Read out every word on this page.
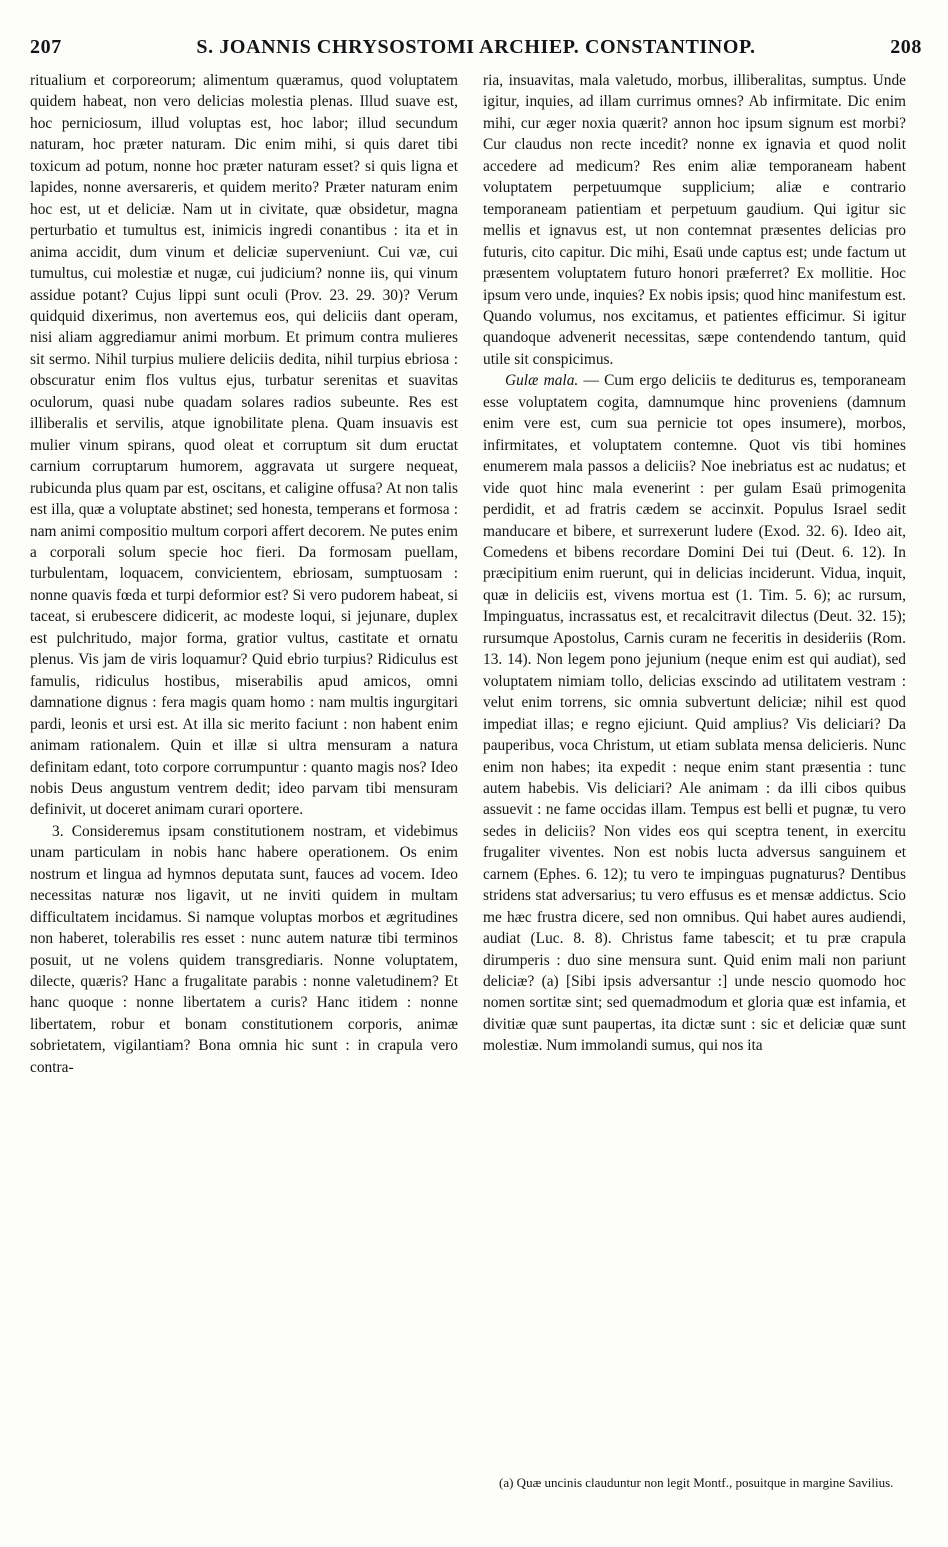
207	S. JOANNIS CHRYSOSTOMI ARCHIEP. CONSTANTINOP.	208

ritualium et corporeorum; alimentum quæramus, quod voluptatem quidem habeat, non vero delicias molestia plenas. Illud suave est, hoc perniciosum, illud voluptas est, hoc labor; illud secundum naturam, hoc præter naturam. Dic enim mihi, si quis daret tibi toxicum ad potum, nonne hoc præter naturam esset? si quis ligna et lapides, nonne aversareris, et quidem merito? Præter naturam enim hoc est, ut et deliciæ. Nam ut in civitate, quæ obsidetur, magna perturbatio et tumultus est, inimicis ingredi conantibus : ita et in anima accidit, dum vinum et deliciæ superveniunt. Cui væ, cui tumultus, cui molestiæ et nugæ, cui judicium? nonne iis, qui vinum assidue potant? Cujus lippi sunt oculi (Prov. 23. 29. 30)? Verum quidquid dixerimus, non avertemus eos, qui deliciis dant operam, nisi aliam aggrediamur animi morbum. Et primum contra mulieres sit sermo. Nihil turpius muliere deliciis dedita, nihil turpius ebriosa : obscuratur enim flos vultus ejus, turbatur serenitas et suavitas oculorum, quasi nube quadam solares radios subeunte. Res est illiberalis et servilis, atque ignobilitate plena. Quam insuavis est mulier vinum spirans, quod oleat et corruptum sit dum eructat carnium corruptarum humorem, aggravata ut surgere nequeat, rubicunda plus quam par est, oscitans, et caligine offusa? At non talis est illa, quæ a voluptate abstinet; sed honesta, temperans et formosa : nam animi compositio multum corpori affert decorem. Ne putes enim a corporali solum specie hoc fieri. Da formosam puellam, turbulentam, loquacem, convicientem, ebriosam, sumptuosam : nonne quavis fœda et turpi deformior est? Si vero pudorem habeat, si taceat, si erubescere didicerit, ac modeste loqui, si jejunare, duplex est pulchritudo, major forma, gratior vultus, castitate et ornatu plenus. Vis jam de viris loquamur? Quid ebrio turpius? Ridiculus est famulis, ridiculus hostibus, miserabilis apud amicos, omni damnatione dignus : fera magis quam homo : nam multis ingurgitari pardi, leonis et ursi est. At illa sic merito faciunt : non habent enim animam rationalem. Quin et illæ si ultra mensuram a natura definitam edant, toto corpore corrumpuntur : quanto magis nos? Ideo nobis Deus angustum ventrem dedit; ideo parvam tibi mensuram definivit, ut doceret animam curari oportere.

3. Consideremus ipsam constitutionem nostram, et videbimus unam particulam in nobis hanc habere operationem. Os enim nostrum et lingua ad hymnos deputata sunt, fauces ad vocem. Ideo necessitas naturæ nos ligavit, ut ne inviti quidem in multam difficultatem incidamus. Si namque voluptas morbos et ægritudines non haberet, tolerabilis res esset : nunc autem naturæ tibi terminos posuit, ut ne volens quidem transgrediaris. Nonne voluptatem, dilecte, quæris? Hanc a frugalitate parabis : nonne valetudinem? Et hanc quoque : nonne libertatem a curis? Hanc itidem : nonne libertatem, robur et bonam constitutionem corporis, animæ sobrietatem, vigilantiam? Bona omnia hic sunt : in crapula vero contra-

ria, insuavitas, mala valetudo, morbus, illiberalitas, sumptus. Unde igitur, inquies, ad illam currimus omnes? Ab infirmitate. Dic enim mihi, cur æger noxia quærit? annon hoc ipsum signum est morbi? Cur claudus non recte incedit? nonne ex ignavia et quod nolit accedere ad medicum? Res enim aliæ temporaneam habent voluptatem perpetuumque supplicium; aliæ e contrario temporaneam patientiam et perpetuum gaudium. Qui igitur sic mellis et ignavus est, ut non contemnat præsentes delicias pro futuris, cito capitur. Dic mihi, Esaü unde captus est; unde factum ut præsentem voluptatem futuro honori præferret? Ex mollitie. Hoc ipsum vero unde, inquies? Ex nobis ipsis; quod hinc manifestum est. Quando volumus, nos excitamus, et patientes efficimur. Si igitur quandoque advenerit necessitas, sæpe contendendo tantum, quid utile sit conspicimus.

Gulæ mala. — Cum ergo deliciis te dediturus es, temporaneam esse voluptatem cogita, damnumque hinc proveniens (damnum enim vere est, cum sua pernicie tot opes insumere), morbos, infirmitates, et voluptatem contemne. Quot vis tibi homines enumerem mala passos a deliciis? Noe inebriatus est ac nudatus; et vide quot hinc mala evenerint : per gulam Esaü primogenita perdidit, et ad fratris cædem se accinxit. Populus Israel sedit manducare et bibere, et surrexerunt ludere (Exod. 32. 6). Ideo ait, Comedens et bibens recordare Domini Dei tui (Deut. 6. 12). In præcipitium enim ruerunt, qui in delicias inciderunt. Vidua, inquit, quæ in deliciis est, vivens mortua est (1. Tim. 5. 6); ac rursum, Impinguatus, incrassatus est, et recalcitravit dilectus (Deut. 32. 15); rursumque Apostolus, Carnis curam ne feceritis in desideriis (Rom. 13. 14). Non legem pono jejunium (neque enim est qui audiat), sed voluptatem nimiam tollo, delicias exscindo ad utilitatem vestram : velut enim torrens, sic omnia subvertunt deliciæ; nihil est quod impediat illas; e regno ejiciunt. Quid amplius? Vis deliciari? Da pauperibus, voca Christum, ut etiam sublata mensa delicieris. Nunc enim non habes; ita expedit : neque enim stant præsentia : tunc autem habebis. Vis deliciari? Ale animam : da illi cibos quibus assuevit : ne fame occidas illam. Tempus est belli et pugnæ, tu vero sedes in deliciis? Non vides eos qui sceptra tenent, in exercitu frugaliter viventes. Non est nobis lucta adversus sanguinem et carnem (Ephes. 6. 12); tu vero te impinguas pugnaturus? Dentibus stridens stat adversarius; tu vero effusus es et mensæ addictus. Scio me hæc frustra dicere, sed non omnibus. Qui habet aures audiendi, audiat (Luc. 8. 8). Christus fame tabescit; et tu præ crapula dirumperis : duo sine mensura sunt. Quid enim mali non pariunt deliciæ? (a) [Sibi ipsis adversantur :] unde nescio quomodo hoc nomen sortitæ sint; sed quemadmodum et gloria quæ est infamia, et divitiæ quæ sunt paupertas, ita dictæ sunt : sic et deliciæ quæ sunt molestiæ. Num immolandi sumus, qui nos ita

(a) Quæ uncinis clauduntur non legit Montf., posuitque in margine Savilius.
